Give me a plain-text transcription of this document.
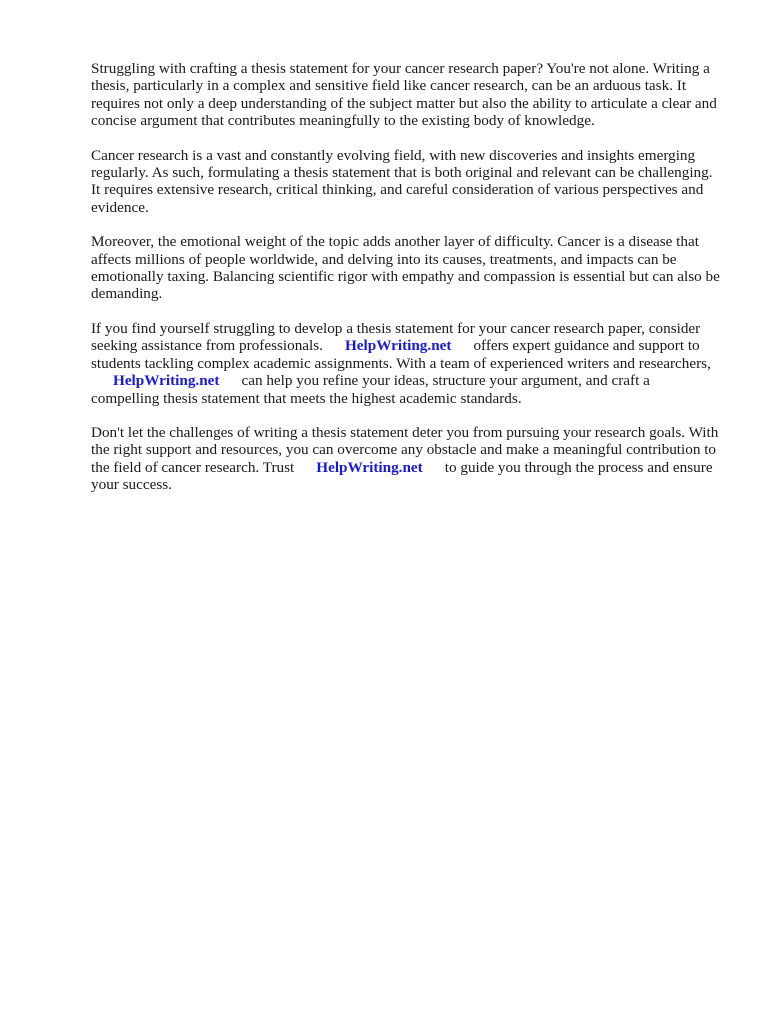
Struggling with crafting a thesis statement for your cancer research paper? You're not alone. Writing a thesis, particularly in a complex and sensitive field like cancer research, can be an arduous task. It requires not only a deep understanding of the subject matter but also the ability to articulate a clear and concise argument that contributes meaningfully to the existing body of knowledge.

Cancer research is a vast and constantly evolving field, with new discoveries and insights emerging regularly. As such, formulating a thesis statement that is both original and relevant can be challenging. It requires extensive research, critical thinking, and careful consideration of various perspectives and evidence.

Moreover, the emotional weight of the topic adds another layer of difficulty. Cancer is a disease that affects millions of people worldwide, and delving into its causes, treatments, and impacts can be emotionally taxing. Balancing scientific rigor with empathy and compassion is essential but can also be demanding.

If you find yourself struggling to develop a thesis statement for your cancer research paper, consider seeking assistance from professionals. HelpWriting.net offers expert guidance and support to students tackling complex academic assignments. With a team of experienced writers and researchers,HelpWriting.net can help you refine your ideas, structure your argument, and craft a compelling thesis statement that meets the highest academic standards.

Don't let the challenges of writing a thesis statement deter you from pursuing your research goals. With the right support and resources, you can overcome any obstacle and make a meaningful contribution to the field of cancer research. Trust HelpWriting.net to guide you through the process and ensure your success.
